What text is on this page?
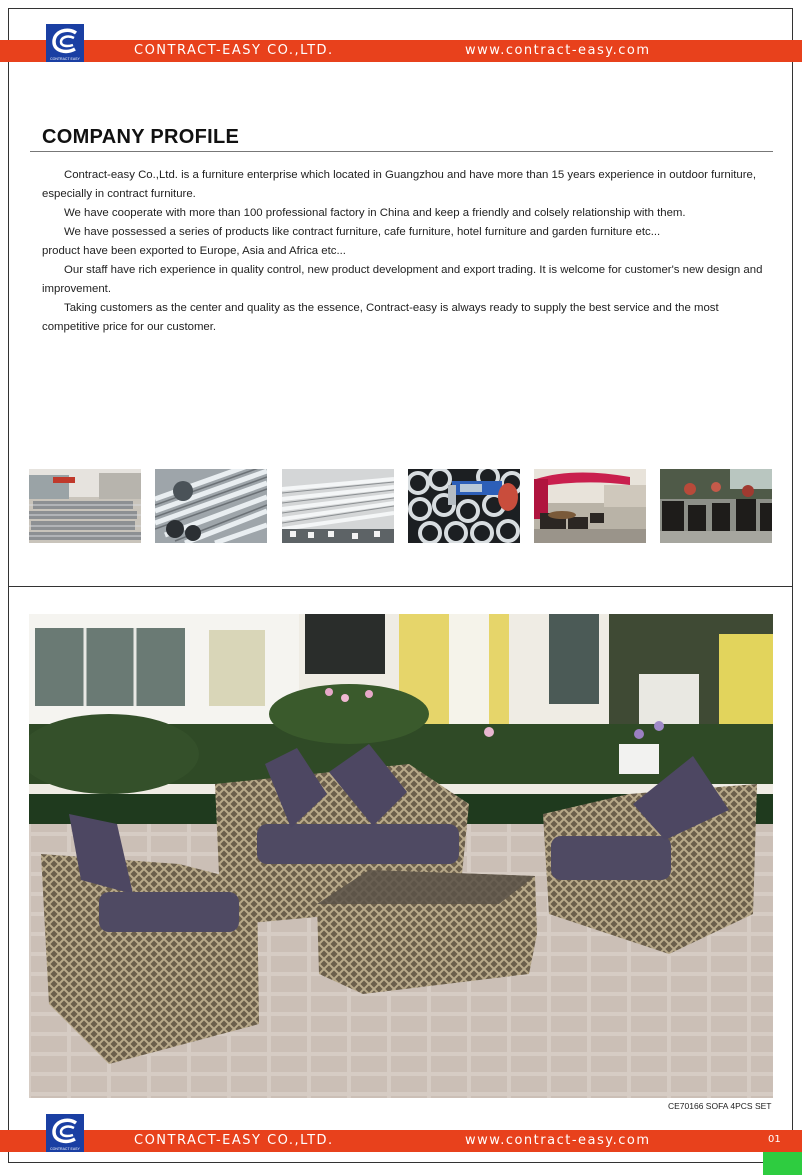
CONTRACT-EASY CO.,LTD.	www.contract-easy.com
CONTRACT EASY
COMPANY PROFILE

Contract-easy Co.,Ltd. is a furniture enterprise which located in Guangzhou and have more than 15 years experience in outdoor furniture, especially in contract furniture.

We have cooperate with more than 100 professional factory in China and keep a friendly and colsely relationship with them.

We have possessed a series of products like contract furniture, cafe furniture, hotel furniture and garden furniture etc...

product have been exported to Europe, Asia and Africa etc...

Our staff have rich experience in quality control, new product development and export trading. It is welcome for customer's new design and improvement.

Taking customers as the center and quality as the essence, Contract-easy is always ready to supply the best service and the most competitive price for our customer.

CE70166 SOFA 4PCS SET
CONTRACT-EASY CO.,LTD.	www.contract-easy.com	01
CONTRACT EASY
